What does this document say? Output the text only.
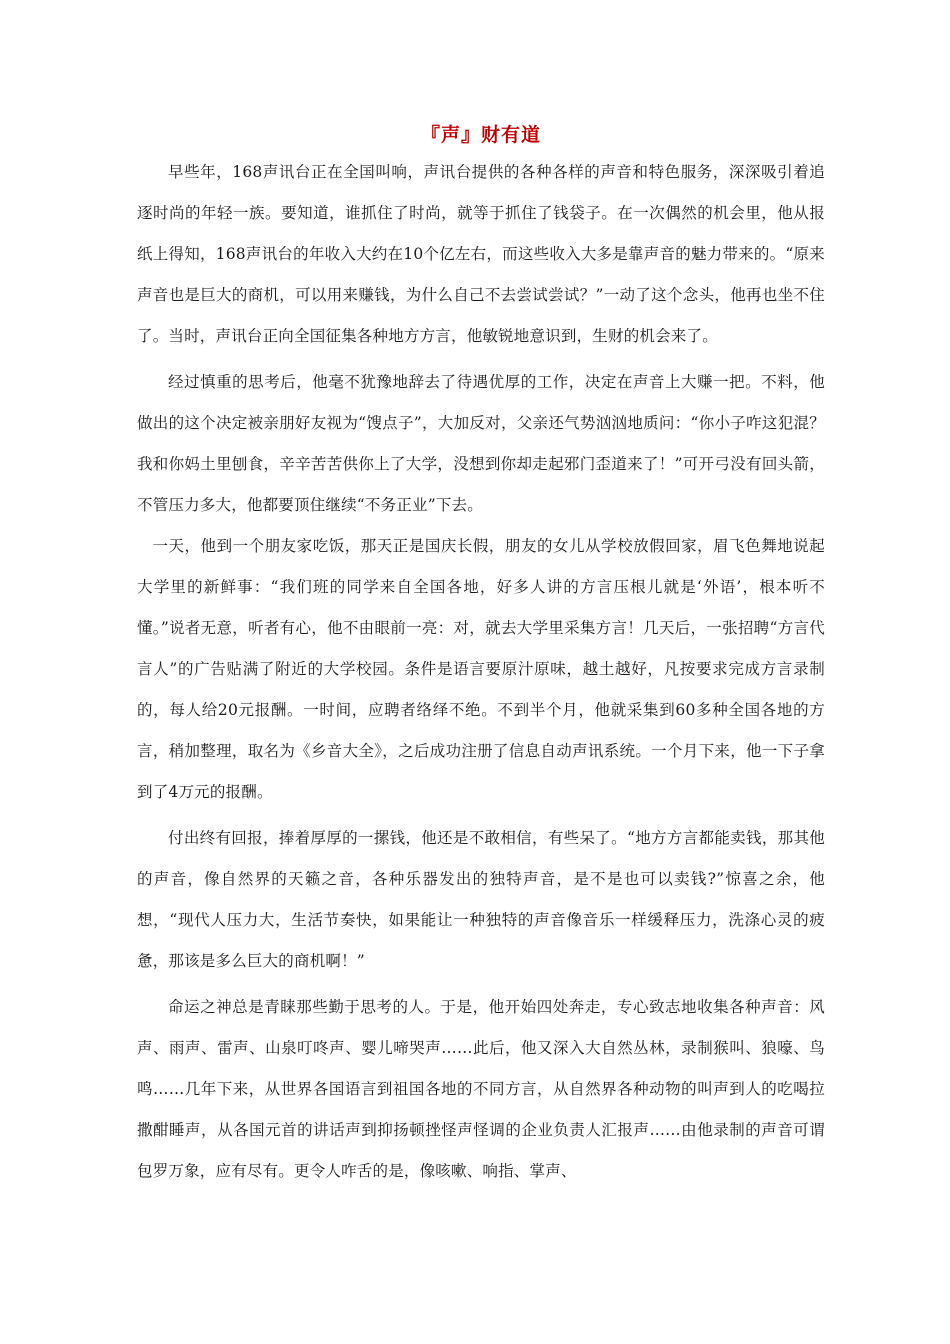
『声』财有道

早些年，168声讯台正在全国叫响，声讯台提供的各种各样的声音和特色服务，深深吸引着追逐时尚的年轻一族。要知道，谁抓住了时尚，就等于抓住了钱袋子。在一次偶然的机会里，他从报纸上得知，168声讯台的年收入大约在10个亿左右，而这些收入大多是靠声音的魅力带来的。“原来声音也是巨大的商机，可以用来赚钱，为什么自己不去尝试尝试？”一动了这个念头，他再也坐不住了。当时，声讯台正向全国征集各种地方方言，他敏锐地意识到，生财的机会来了。

经过慎重的思考后，他毫不犹豫地辞去了待遇优厚的工作，决定在声音上大赚一把。不料，他做出的这个决定被亲朋好友视为“馊点子”，大加反对，父亲还气势汹汹地质问：“你小子咋这犯混？我和你妈土里刨食，辛辛苦苦供你上了大学，没想到你却走起邪门歪道来了！”可开弓没有回头箭，不管压力多大，他都要顶住继续“不务正业”下去。

一天，他到一个朋友家吃饭，那天正是国庆长假，朋友的女儿从学校放假回家，眉飞色舞地说起大学里的新鲜事：“我们班的同学来自全国各地，好多人讲的方言压根儿就是‘外语’，根本听不懂。”说者无意，听者有心，他不由眼前一亮：对，就去大学里采集方言！几天后，一张招聘“方言代言人”的广告贴满了附近的大学校园。条件是语言要原汁原味，越土越好，凡按要求完成方言录制的，每人给20元报酬。一时间，应聘者络绎不绝。不到半个月，他就采集到60多种全国各地的方言，稍加整理，取名为《乡音大全》，之后成功注册了信息自动声讯系统。一个月下来，他一下子拿到了4万元的报酬。

付出终有回报，捧着厚厚的一摞钱，他还是不敢相信，有些呆了。“地方方言都能卖钱，那其他的声音，像自然界的天籁之音，各种乐器发出的独特声音，是不是也可以卖钱?”惊喜之余，他想，“现代人压力大，生活节奏快，如果能让一种独特的声音像音乐一样缓释压力，洗涤心灵的疲惫，那该是多么巨大的商机啊！”

命运之神总是青睐那些勤于思考的人。于是，他开始四处奔走，专心致志地收集各种声音：风声、雨声、雷声、山泉叮咚声、婴儿啼哭声……此后，他又深入大自然丛林，录制猴叫、狼嚎、鸟鸣……几年下来，从世界各国语言到祖国各地的不同方言，从自然界各种动物的叫声到人的吃喝拉撒酣睡声，从各国元首的讲话声到抑扬顿挫怪声怪调的企业负责人汇报声……由他录制的声音可谓包罗万象，应有尽有。更令人咋舌的是，像咳嗽、响指、掌声、
